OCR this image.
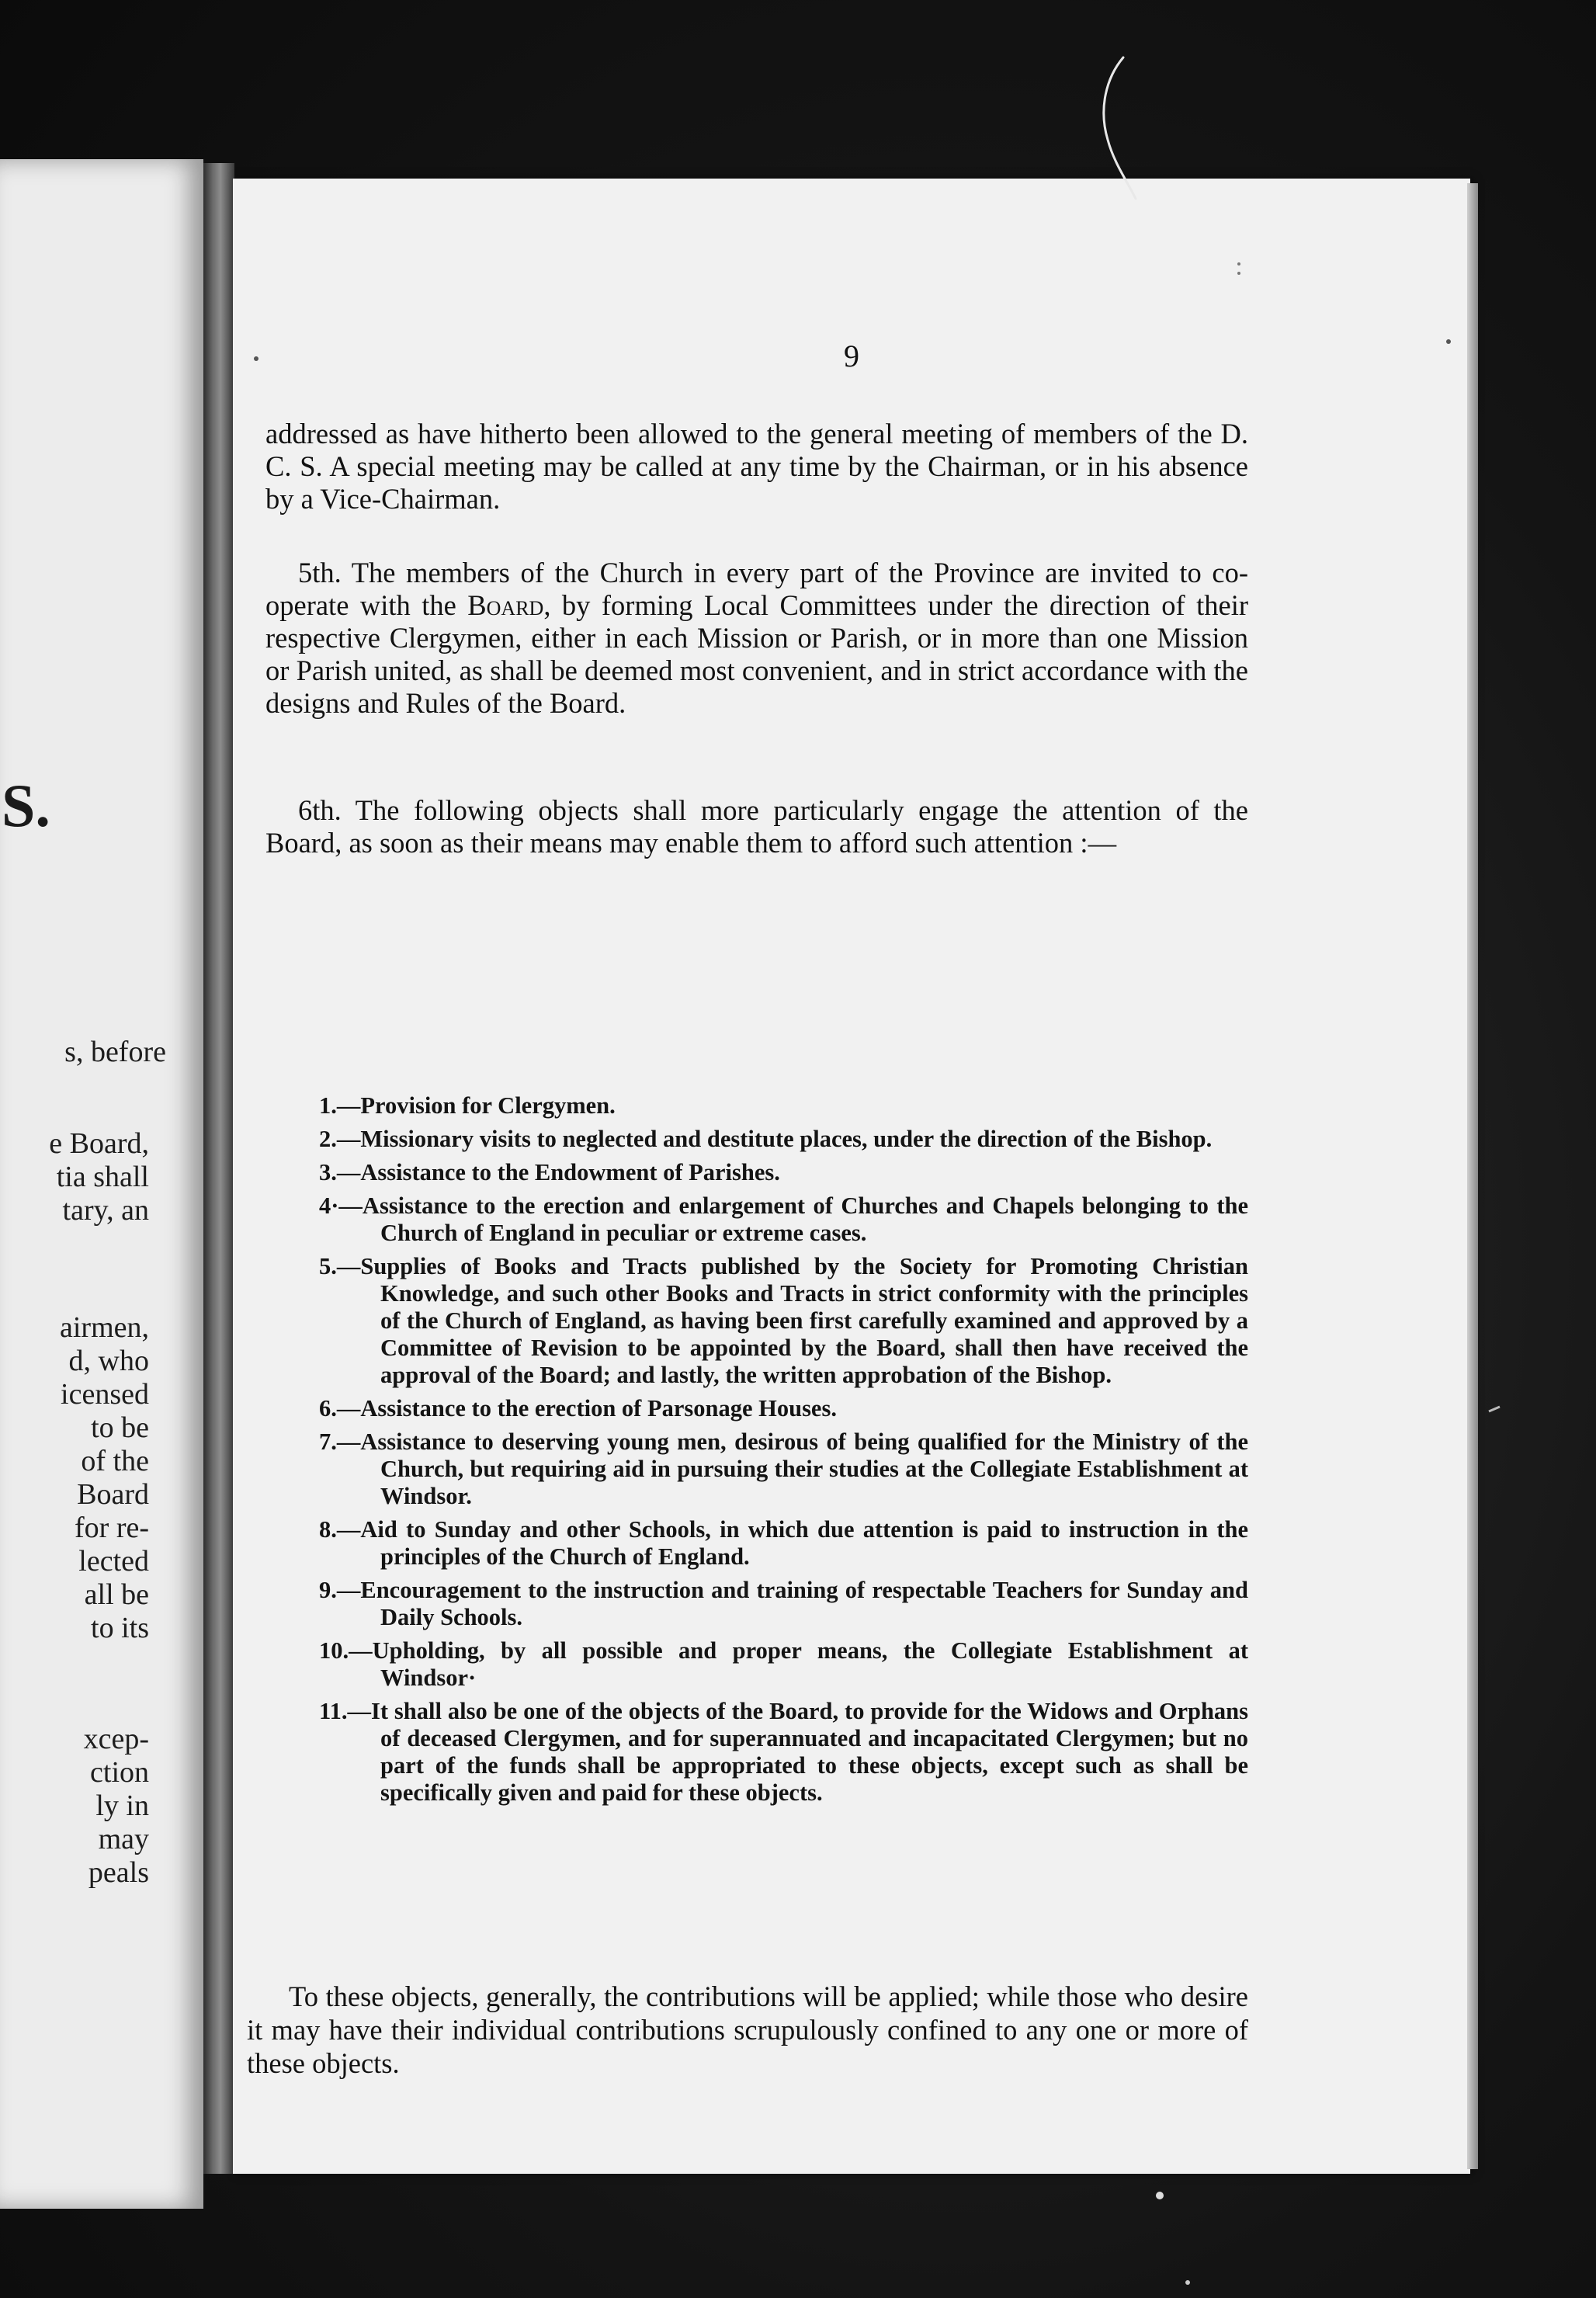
S.
s, before
e Board,
tia shall
tary, an
airmen,
d, who
icensed
to be
of the
Board
for re-
lected
all be
to its
xcep-
ction
ly in
may
peals
9

addressed as have hitherto been allowed to the general meeting of members of the D. C. S. A special meeting may be called at any time by the Chairman, or in his absence by a Vice-Chairman.

5th. The members of the Church in every part of the Province are invited to co-operate with the Board, by forming Local Committees under the direction of their respective Clergymen, either in each Mission or Parish, or in more than one Mission or Parish united, as shall be deemed most convenient, and in strict accordance with the designs and Rules of the Board.

6th. The following objects shall more particularly engage the attention of the Board, as soon as their means may enable them to afford such attention :—

1.—Provision for Clergymen.
2.—Missionary visits to neglected and destitute places, under the direction of the Bishop.
3.—Assistance to the Endowment of Parishes.
4·—Assistance to the erection and enlargement of Churches and Chapels belonging to the Church of England in peculiar or extreme cases.
5.—Supplies of Books and Tracts published by the Society for Promoting Christian Knowledge, and such other Books and Tracts in strict conformity with the principles of the Church of England, as having been first carefully examined and approved by a Committee of Revision to be appointed by the Board, shall then have received the approval of the Board; and lastly, the written approbation of the Bishop.
6.—Assistance to the erection of Parsonage Houses.
7.—Assistance to deserving young men, desirous of being qualified for the Ministry of the Church, but requiring aid in pursuing their studies at the Collegiate Establishment at Windsor.
8.—Aid to Sunday and other Schools, in which due attention is paid to instruction in the principles of the Church of England.
9.—Encouragement to the instruction and training of respectable Teachers for Sunday and Daily Schools.
10.—Upholding, by all possible and proper means, the Collegiate Establishment at Windsor·
11.—It shall also be one of the objects of the Board, to provide for the Widows and Orphans of deceased Clergymen, and for superannuated and incapacitated Clergymen; but no part of the funds shall be appropriated to these objects, except such as shall be specifically given and paid for these objects.

To these objects, generally, the contributions will be applied; while those who desire it may have their individual contributions scrupulously confined to any one or more of these objects.
